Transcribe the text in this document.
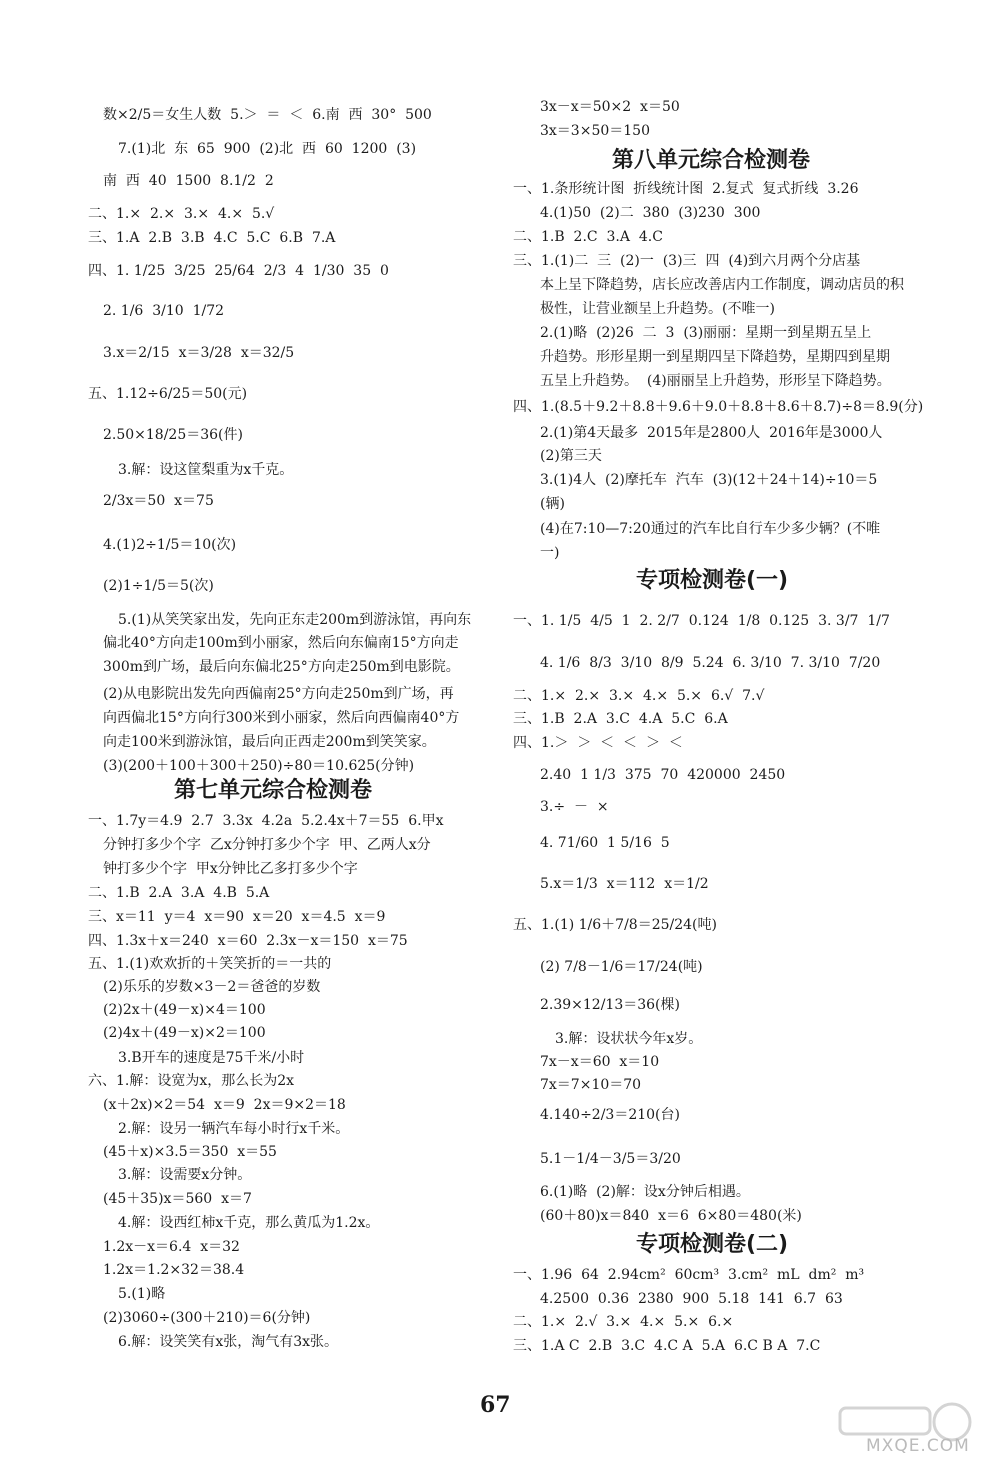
数×2/5＝女生人数  5.＞  ＝  ＜  6.南  西  30°  500
7.(1)北  东  65  900  (2)北  西  60  1200  (3)
南  西  40  1500  8.1/2  2
二、1.×  2.×  3.×  4.×  5.√
三、1.A  2.B  3.B  4.C  5.C  6.B  7.A
四、1. 1/25  3/25  25/64  2/3  4  1/30  35  0
2. 1/6  3/10  1/72
3.x＝2/15  x＝3/28  x＝32/5
五、1.12÷6/25＝50(元)
2.50×18/25＝36(件)
3.解：设这筐梨重为x千克。
2/3x＝50  x＝75
4.(1)2÷1/5＝10(次)
(2)1÷1/5＝5(次)
5.(1)从笑笑家出发，先向正东走200m到游泳馆，再向东
偏北40°方向走100m到小丽家，然后向东偏南15°方向走
300m到广场，最后向东偏北25°方向走250m到电影院。
(2)从电影院出发先向西偏南25°方向走250m到广场，再
向西偏北15°方向行300米到小丽家，然后向西偏南40°方
向走100米到游泳馆，最后向正西走200m到笑笑家。
(3)(200＋100＋300＋250)÷80＝10.625(分钟)
第七单元综合检测卷
一、1.7y＝4.9  2.7  3.3x  4.2a  5.2.4x＋7＝55  6.甲x
分钟打多少个字  乙x分钟打多少个字  甲、乙两人x分
钟打多少个字  甲x分钟比乙多打多少个字
二、1.B  2.A  3.A  4.B  5.A
三、x＝11  y＝4  x＝90  x＝20  x＝4.5  x＝9
四、1.3x＋x＝240  x＝60  2.3x－x＝150  x＝75
五、1.(1)欢欢折的＋笑笑折的＝一共的
(2)乐乐的岁数×3－2＝爸爸的岁数
(2)2x＋(49－x)×4＝100
(2)4x＋(49－x)×2＝100
3.B开车的速度是75千米/小时
六、1.解：设宽为x，那么长为2x
(x＋2x)×2＝54  x＝9  2x＝9×2＝18
2.解：设另一辆汽车每小时行x千米。
(45＋x)×3.5＝350  x＝55
3.解：设需要x分钟。
(45＋35)x＝560  x＝7
4.解：设西红柿x千克，那么黄瓜为1.2x。
1.2x－x＝6.4  x＝32
1.2x＝1.2×32＝38.4
5.(1)略
(2)3060÷(300＋210)＝6(分钟)
6.解：设笑笑有x张，淘气有3x张。
3x－x＝50×2  x＝50
3x＝3×50＝150
第八单元综合检测卷
一、1.条形统计图  折线统计图  2.复式  复式折线  3.26
4.(1)50  (2)二  380  (3)230  300
二、1.B  2.C  3.A  4.C
三、1.(1)二  三  (2)一  (3)三  四  (4)到六月两个分店基
本上呈下降趋势，店长应改善店内工作制度，调动店员的积
极性，让营业额呈上升趋势。(不唯一)
2.(1)略  (2)26  二  3  (3)丽丽：星期一到星期五呈上
升趋势。形形星期一到星期四呈下降趋势，星期四到星期
五呈上升趋势。  (4)丽丽呈上升趋势，形形呈下降趋势。
四、1.(8.5＋9.2＋8.8＋9.6＋9.0＋8.8＋8.6＋8.7)÷8＝8.9(分)
2.(1)第4天最多  2015年是2800人  2016年是3000人
(2)第三天
3.(1)4人  (2)摩托车  汽车  (3)(12＋24＋14)÷10＝5
(辆)
(4)在7:10—7:20通过的汽车比自行车少多少辆？(不唯
一)
专项检测卷(一)
一、1. 1/5  4/5  1  2. 2/7  0.124  1/8  0.125  3. 3/7  1/7
4. 1/6  8/3  3/10  8/9  5.24  6. 3/10  7. 3/10  7/20
二、1.×  2.×  3.×  4.×  5.×  6.√  7.√
三、1.B  2.A  3.C  4.A  5.C  6.A
四、1.＞  ＞  ＜  ＜  ＞  ＜
2.40  1 1/3  375  70  420000  2450
3.÷  －  ×
4. 71/60  1 5/16  5
5.x＝1/3  x＝112  x＝1/2
五、1.(1) 1/6＋7/8＝25/24(吨)
(2) 7/8－1/6＝17/24(吨)
2.39×12/13＝36(棵)
3.解：设状状今年x岁。
7x－x＝60  x＝10
7x＝7×10＝70
4.140÷2/3＝210(台)
5.1－1/4－3/5＝3/20
6.(1)略  (2)解：设x分钟后相遇。
(60＋80)x＝840  x＝6  6×80＝480(米)
专项检测卷(二)
一、1.96  64  2.94cm²  60cm³  3.cm²  mL  dm²  m³
4.2500  0.36  2380  900  5.18  141  6.7  63
二、1.×  2.√  3.×  4.×  5.×  6.×
三、1.A C  2.B  3.C  4.C A  5.A  6.C B A  7.C
67
MXQE.COM
